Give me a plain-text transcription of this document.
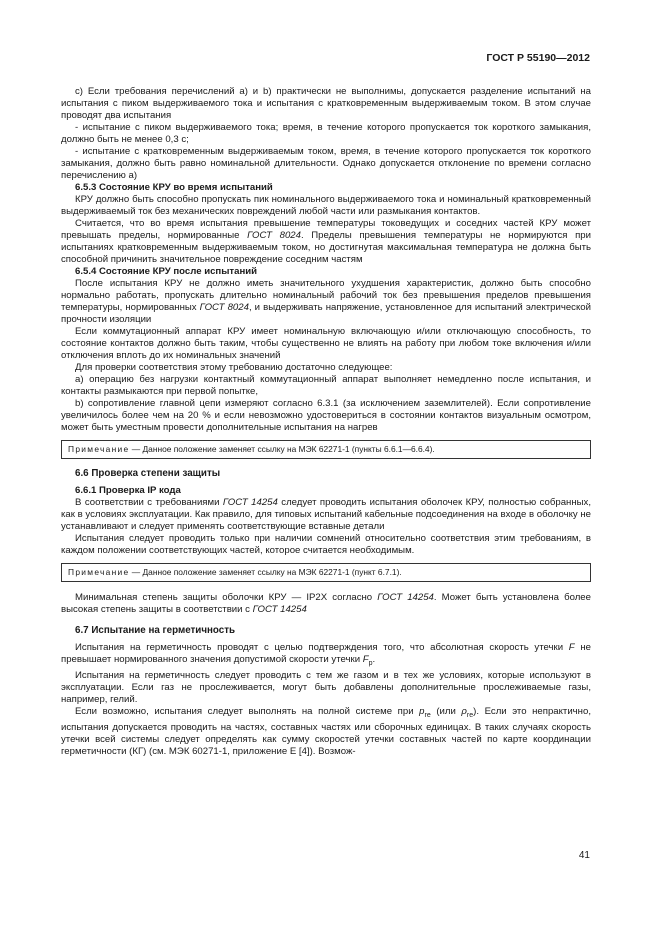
ГОСТ Р 55190—2012

c) Если требования перечислений a) и b) практически не выполнимы, допускается разделение испытаний на испытания с пиком выдерживаемого тока и испытания с кратковременным выдерживаемым током. В этом случае проводят два испытания

- испытание с пиком выдерживаемого тока; время, в течение которого пропускается ток короткого замыкания, должно быть не менее 0,3 с;

- испытание с кратковременным выдерживаемым током, время, в течение которого пропускается ток короткого замыкания, должно быть равно номинальной длительности. Однако допускается отклонение по времени согласно перечислению a)

6.5.3 Состояние КРУ во время испытаний

КРУ должно быть способно пропускать пик номинального выдерживаемого тока и номинальный кратковременный выдерживаемый ток без механических повреждений любой части или размыкания контактов.

Считается, что во время испытания превышение температуры токоведущих и соседних частей КРУ может превышать пределы, нормированные ГОСТ 8024. Пределы превышения температуры не нормируются при испытаниях кратковременным выдерживаемым током, но достигнутая максимальная температура не должна быть способной причинить значительное повреждение соседним частям

6.5.4 Состояние КРУ после испытаний

После испытания КРУ не должно иметь значительного ухудшения характеристик, должно быть способно нормально работать, пропускать длительно номинальный рабочий ток без превышения пределов превышения температуры, нормированных ГОСТ 8024, и выдерживать напряжение, установленное для испытаний электрической прочности изоляции

Если коммутационный аппарат КРУ имеет номинальную включающую и/или отключающую способность, то состояние контактов должно быть таким, чтобы существенно не влиять на работу при любом токе включения и/или отключения вплоть до их номинальных значений

Для проверки соответствия этому требованию достаточно следующее:

а) операцию без нагрузки контактный коммутационный аппарат выполняет немедленно после испытания, и контакты размыкаются при первой попытке,

b) сопротивление главной цепи измеряют согласно 6.3.1 (за исключением заземлителей). Если сопротивление увеличилось более чем на 20 % и если невозможно удостовериться в состоянии контактов визуальным осмотром, может быть уместным провести дополнительные испытания на нагрев

Примечание — Данное положение заменяет ссылку на МЭК 62271-1 (пункты 6.6.1—6.6.4).
6.6 Проверка степени защиты
6.6.1 Проверка IP кода

В соответствии с требованиями ГОСТ 14254 следует проводить испытания оболочек КРУ, полностью собранных, как в условиях эксплуатации. Как правило, для типовых испытаний кабельные подсоединения на входе в оболочку не устанавливают и следует применять соответствующие вставные детали

Испытания следует проводить только при наличии сомнений относительно соответствия этим требованиям, в каждом положении соответствующих частей, которое считается необходимым.

Примечание — Данное положение заменяет ссылку на МЭК 62271-1 (пункт 6.7.1).

Минимальная степень защиты оболочки КРУ — IP2X согласно ГОСТ 14254. Может быть установлена более высокая степень защиты в соответствии с ГОСТ 14254

6.7 Испытание на герметичность

Испытания на герметичность проводят с целью подтверждения того, что абсолютная скорость утечки F не превышает нормированного значения допустимой скорости утечки $F_p$.

Испытания на герметичность следует проводить с тем же газом и в тех же условиях, которые используют в эксплуатации. Если газ не прослеживается, могут быть добавлены дополнительные прослеживаемые газы, например, гелий.

Если возможно, испытания следует выполнять на полной системе при $p_{re}$ (или $\rho_{re}$). Если это непрактично, испытания допускается проводить на частях, составных частях или сборочных единицах. В таких случаях скорость утечки всей системы следует определять как сумму скоростей утечки составных частей по карте координации герметичности (КГ) (см. МЭК 60271-1, приложение E [4]). Возмож-

41
